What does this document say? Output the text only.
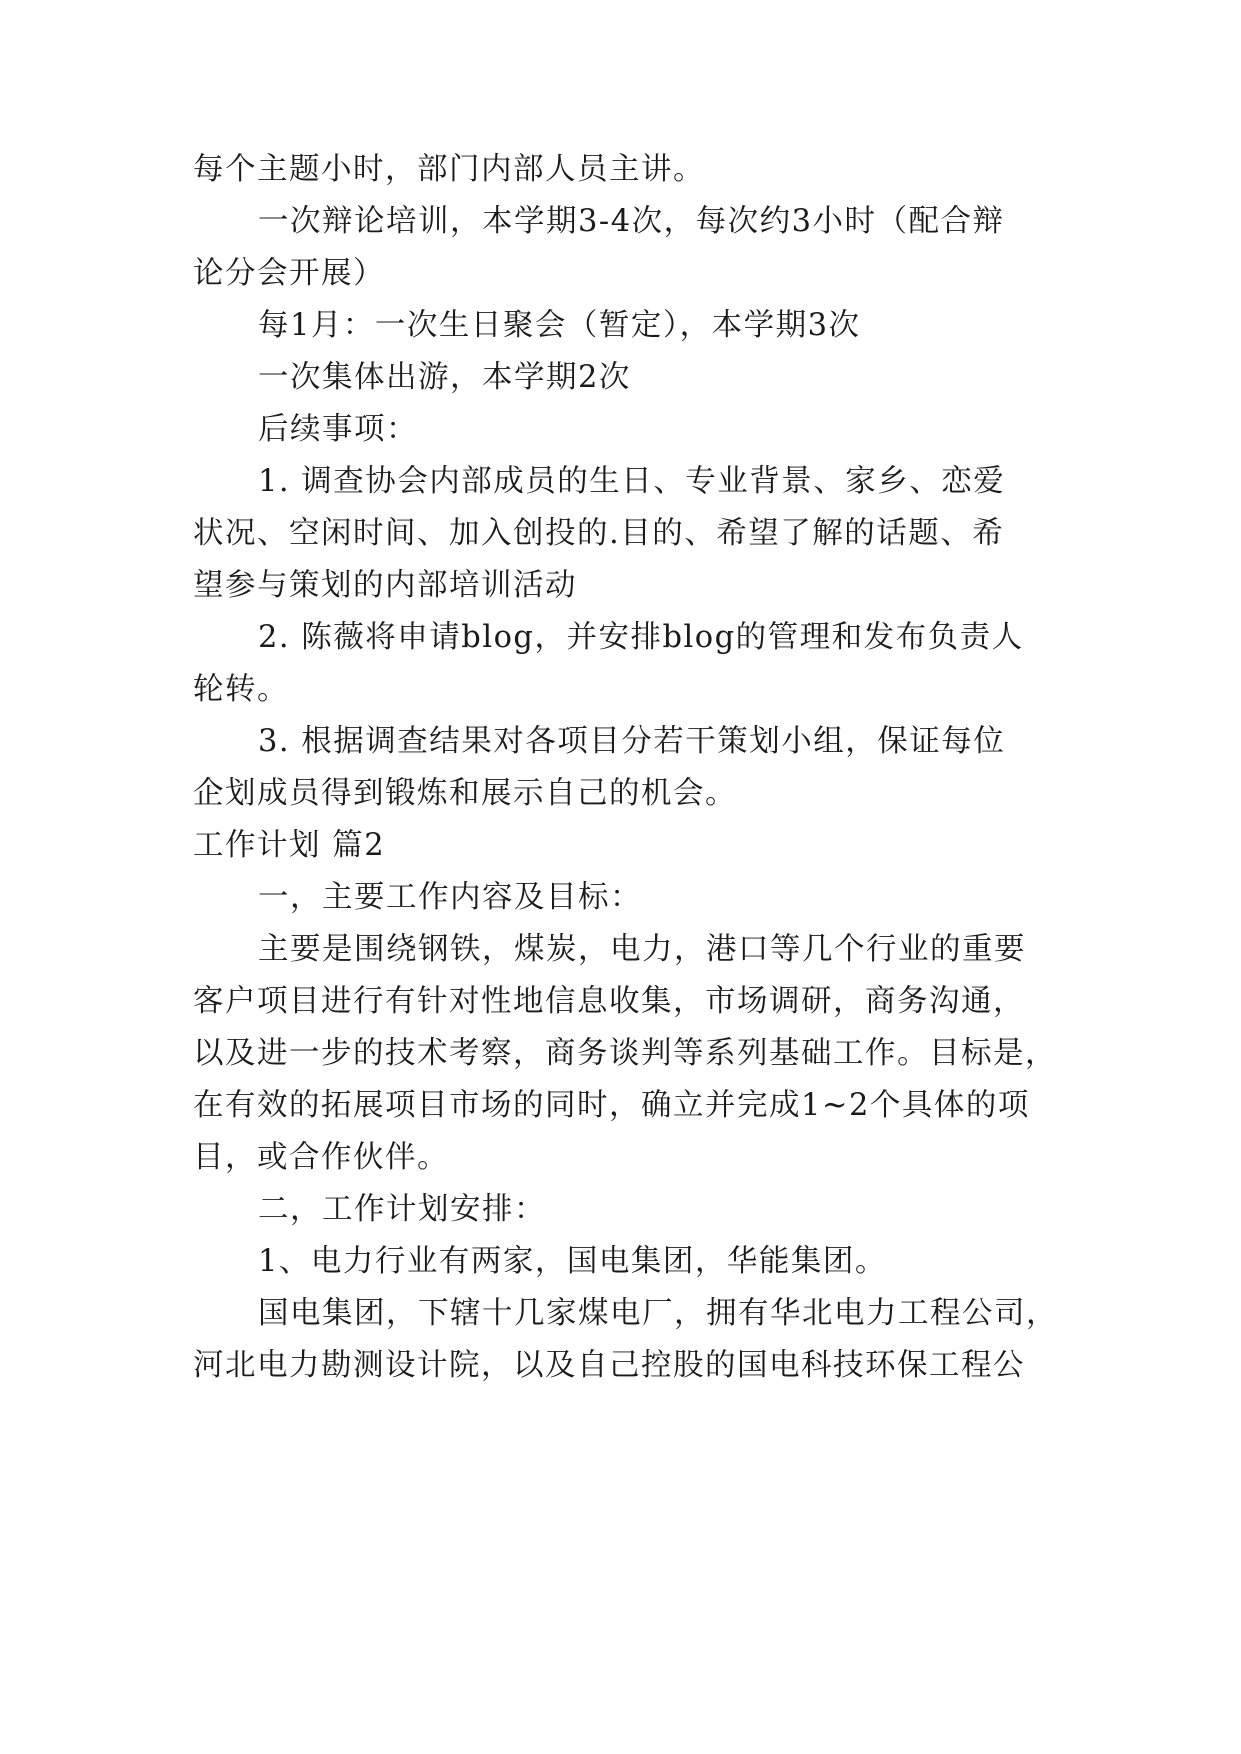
每个主题小时，部门内部人员主讲。
一次辩论培训，本学期3-4次，每次约3小时（配合辩
论分会开展）
每1月：一次生日聚会（暂定），本学期3次
一次集体出游，本学期2次
后续事项：
1. 调查协会内部成员的生日、专业背景、家乡、恋爱
状况、空闲时间、加入创投的.目的、希望了解的话题、希
望参与策划的内部培训活动
2. 陈薇将申请blog，并安排blog的管理和发布负责人
轮转。
3. 根据调查结果对各项目分若干策划小组，保证每位
企划成员得到锻炼和展示自己的机会。
工作计划 篇2
一，主要工作内容及目标：
主要是围绕钢铁，煤炭，电力，港口等几个行业的重要
客户项目进行有针对性地信息收集，市场调研，商务沟通，
以及进一步的技术考察，商务谈判等系列基础工作。目标是，
在有效的拓展项目市场的同时，确立并完成1~2个具体的项
目，或合作伙伴。
二，工作计划安排：
1、电力行业有两家，国电集团，华能集团。
国电集团，下辖十几家煤电厂，拥有华北电力工程公司，
河北电力勘测设计院，以及自己控股的国电科技环保工程公
